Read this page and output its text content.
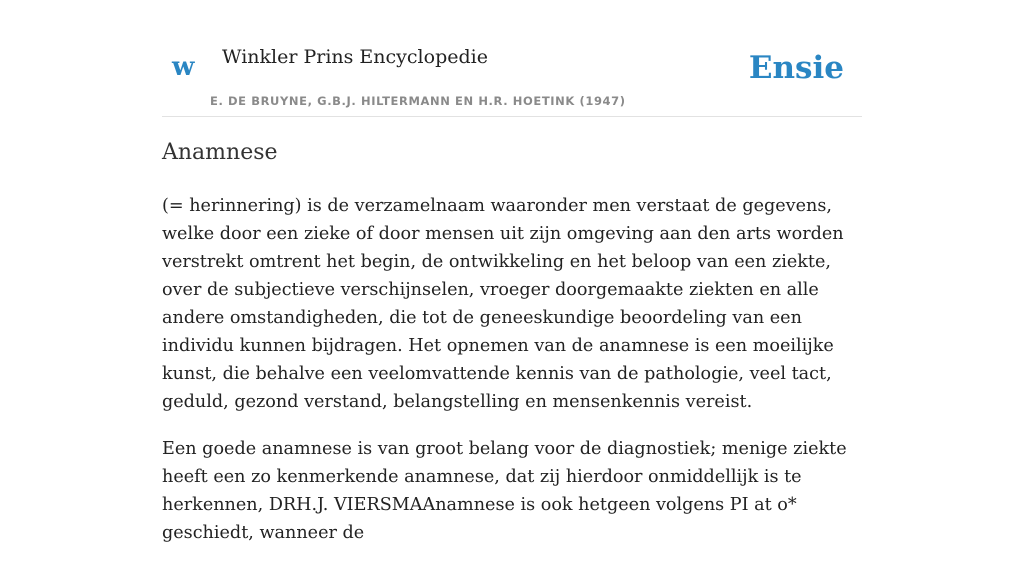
w Winkler Prins Encyclopedie
E. DE BRUYNE, G.B.J. HILTERMANN EN H.R. HOETINK (1947)
Ensie
Anamnese

(= herinnering) is de verzamelnaam waaronder men verstaat de gegevens, welke door een zieke of door mensen uit zijn omgeving aan den arts worden verstrekt omtrent het begin, de ontwikkeling en het beloop van een ziekte, over de subjectieve verschijnselen, vroeger doorgemaakte ziekten en alle andere omstandigheden, die tot de geneeskundige beoordeling van een individu kunnen bijdragen. Het opnemen van de anamnese is een moeilijke kunst, die behalve een veelomvattende kennis van de pathologie, veel tact, geduld, gezond verstand, belangstelling en mensenkennis vereist.

Een goede anamnese is van groot belang voor de diagnostiek; menige ziekte heeft een zo kenmerkende anamnese, dat zij hierdoor onmiddellijk is te herkennen, DRH.J. VIERSMAAnamnese is ook hetgeen volgens PI at o* geschiedt, wanneer de
